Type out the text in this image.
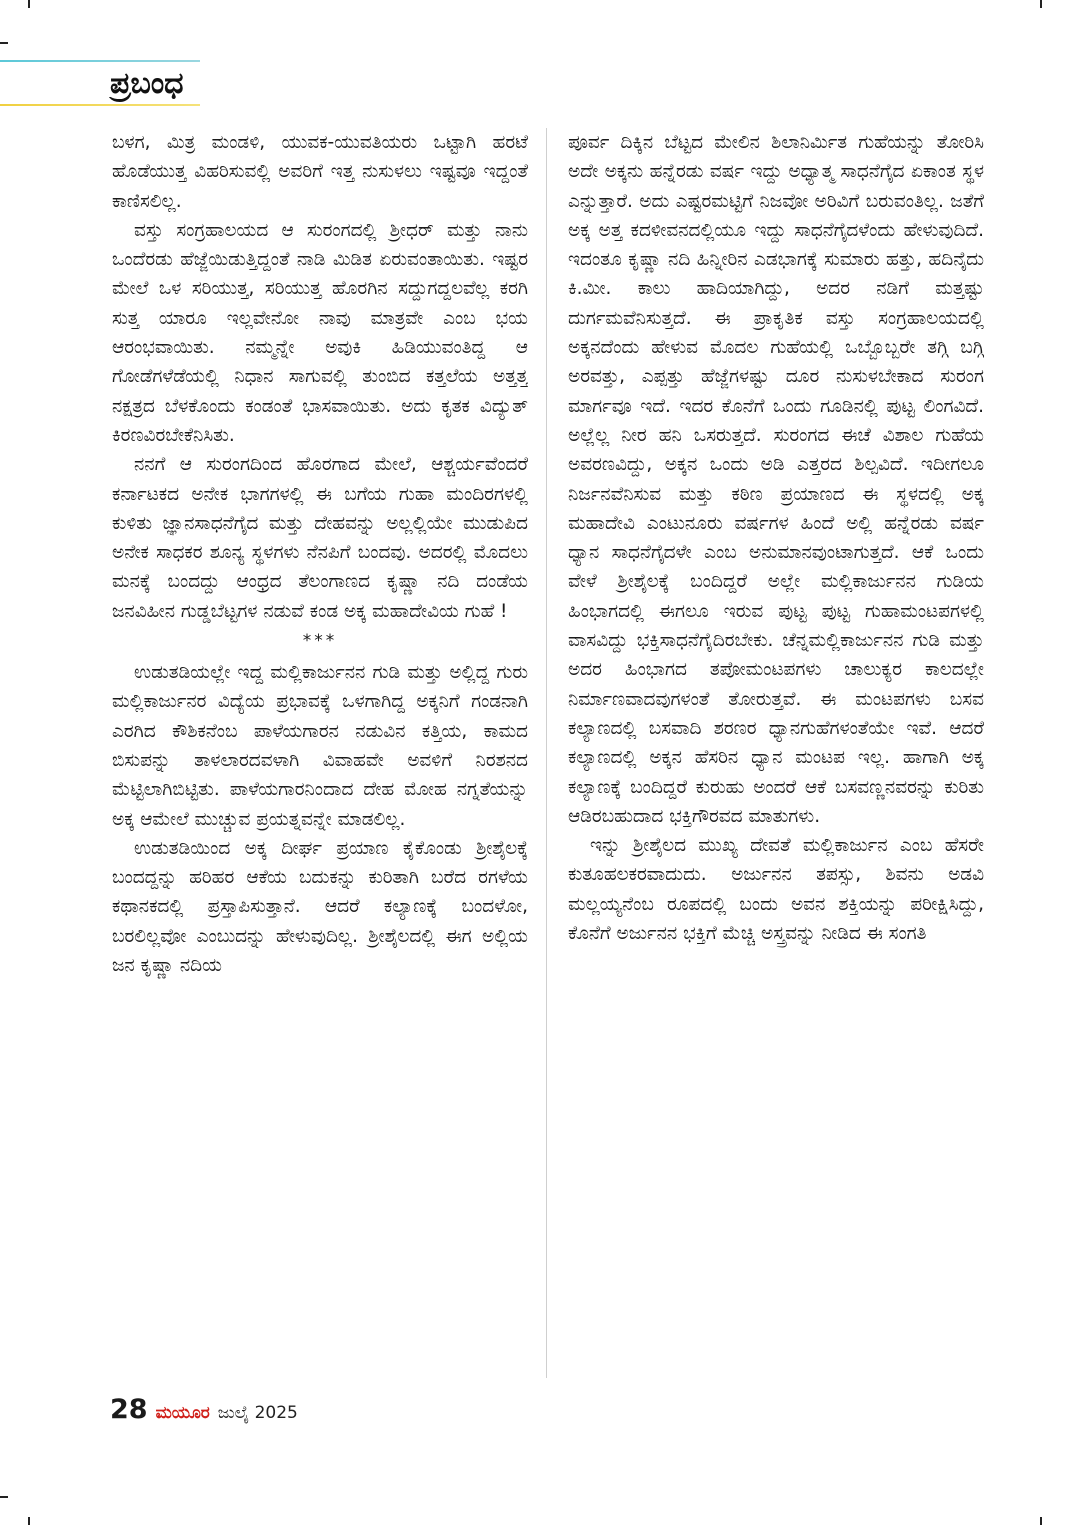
ಪ್ರಬಂಧ

ಬಳಗ, ಮಿತ್ರ ಮಂಡಳಿ, ಯುವಕ-ಯುವತಿಯರು ಒಟ್ಟಾಗಿ ಹರಟೆ ಹೊಡೆಯುತ್ತ ವಿಹರಿಸುವಲ್ಲಿ ಅವರಿಗೆ ಇತ್ತ ನುಸುಳಲು ಇಷ್ಟವೂ ಇದ್ದಂತೆ ಕಾಣಿಸಲಿಲ್ಲ.

ವಸ್ತು ಸಂಗ್ರಹಾಲಯದ ಆ ಸುರಂಗದಲ್ಲಿ ಶ್ರೀಧರ್ ಮತ್ತು ನಾನು ಒಂದೆರಡು ಹೆಜ್ಜೆಯಿಡುತ್ತಿದ್ದಂತೆ ನಾಡಿ ಮಿಡಿತ ಏರುವಂತಾಯಿತು. ಇಷ್ಟರ ಮೇಲೆ ಒಳ ಸರಿಯುತ್ತ, ಸರಿಯುತ್ತ ಹೊರಗಿನ ಸದ್ದುಗದ್ದಲವೆಲ್ಲ ಕರಗಿ ಸುತ್ತ ಯಾರೂ ಇಲ್ಲವೇನೋ ನಾವು ಮಾತ್ರವೇ ಎಂಬ ಭಯ ಆರಂಭವಾಯಿತು. ನಮ್ಮನ್ನೇ ಅವುಕಿ ಹಿಡಿಯುವಂತಿದ್ದ ಆ ಗೋಡೆಗಳೆಡೆಯಲ್ಲಿ ನಿಧಾನ ಸಾಗುವಲ್ಲಿ ತುಂಬಿದ ಕತ್ತಲೆಯ ಅತ್ತತ್ತ ನಕ್ಷತ್ರದ ಬೆಳಕೊಂದು ಕಂಡಂತೆ ಭಾಸವಾಯಿತು. ಅದು ಕೃತಕ ವಿದ್ಯುತ್ ಕಿರಣವಿರಬೇಕೆನಿಸಿತು.

ನನಗೆ ಆ ಸುರಂಗದಿಂದ ಹೊರಗಾದ ಮೇಲೆ, ಆಶ್ಚರ್ಯವೆಂದರೆ ಕರ್ನಾಟಕದ ಅನೇಕ ಭಾಗಗಳಲ್ಲಿ ಈ ಬಗೆಯ ಗುಹಾ ಮಂದಿರಗಳಲ್ಲಿ ಕುಳಿತು ಜ್ಞಾನಸಾಧನೆಗೈದ ಮತ್ತು ದೇಹವನ್ನು ಅಲ್ಲಲ್ಲಿಯೇ ಮುಡುಪಿದ ಅನೇಕ ಸಾಧಕರ ಶೂನ್ಯ ಸ್ಥಳಗಳು ನೆನಪಿಗೆ ಬಂದವು. ಅದರಲ್ಲಿ ಮೊದಲು ಮನಕ್ಕೆ ಬಂದದ್ದು ಆಂಧ್ರದ ತೆಲಂಗಾಣದ ಕೃಷ್ಣಾ ನದಿ ದಂಡೆಯ ಜನವಿಹೀನ ಗುಡ್ಡಬೆಟ್ಟಗಳ ನಡುವೆ ಕಂಡ ಅಕ್ಕ ಮಹಾದೇವಿಯ ಗುಹೆ !

***

ಉಡುತಡಿಯಲ್ಲೇ ಇದ್ದ ಮಲ್ಲಿಕಾರ್ಜುನನ ಗುಡಿ ಮತ್ತು ಅಲ್ಲಿದ್ದ ಗುರು ಮಲ್ಲಿಕಾರ್ಜುನರ ವಿದ್ಯೆಯ ಪ್ರಭಾವಕ್ಕೆ ಒಳಗಾಗಿದ್ದ ಅಕ್ಕನಿಗೆ ಗಂಡನಾಗಿ ಎರಗಿದ ಕೌಶಿಕನೆಂಬ ಪಾಳೆಯಗಾರನ ನಡುವಿನ ಕತ್ತಿಯ, ಕಾಮದ ಬಿಸುಪನ್ನು ತಾಳಲಾರದವಳಾಗಿ ವಿವಾಹವೇ ಅವಳಿಗೆ ನಿರಶನದ ಮೆಟ್ಟಿಲಾಗಿಬಿಟ್ಟಿತು. ಪಾಳೆಯಗಾರನಿಂದಾದ ದೇಹ ಮೋಹ ನಗ್ನತೆಯನ್ನು ಅಕ್ಕ ಆಮೇಲೆ ಮುಚ್ಚುವ ಪ್ರಯತ್ನವನ್ನೇ ಮಾಡಲಿಲ್ಲ.

ಉಡುತಡಿಯಿಂದ ಅಕ್ಕ ದೀರ್ಘ ಪ್ರಯಾಣ ಕೈಕೊಂಡು ಶ್ರೀಶೈಲಕ್ಕೆ ಬಂದದ್ದನ್ನು ಹರಿಹರ ಆಕೆಯ ಬದುಕನ್ನು ಕುರಿತಾಗಿ ಬರೆದ ರಗಳೆಯ ಕಥಾನಕದಲ್ಲಿ ಪ್ರಸ್ತಾಪಿಸುತ್ತಾನೆ. ಆದರೆ ಕಲ್ಯಾಣಕ್ಕೆ ಬಂದಳೋ, ಬರಲಿಲ್ಲವೋ ಎಂಬುದನ್ನು ಹೇಳುವುದಿಲ್ಲ. ಶ್ರೀಶೈಲದಲ್ಲಿ ಈಗ ಅಲ್ಲಿಯ ಜನ ಕೃಷ್ಣಾ ನದಿಯ

ಪೂರ್ವ ದಿಕ್ಕಿನ ಬೆಟ್ಟದ ಮೇಲಿನ ಶಿಲಾನಿರ್ಮಿತ ಗುಹೆಯನ್ನು ತೋರಿಸಿ ಅದೇ ಅಕ್ಕನು ಹನ್ನೆರಡು ವರ್ಷ ಇದ್ದು ಅಧ್ಯಾತ್ಮ ಸಾಧನೆಗೈದ ಏಕಾಂತ ಸ್ಥಳ ಎನ್ನುತ್ತಾರೆ. ಅದು ಎಷ್ಟರಮಟ್ಟಿಗೆ ನಿಜವೋ ಅರಿವಿಗೆ ಬರುವಂತಿಲ್ಲ. ಜತೆಗೆ ಅಕ್ಕ ಅತ್ತ ಕದಳೀವನದಲ್ಲಿಯೂ ಇದ್ದು ಸಾಧನೆಗೈದಳೆಂದು ಹೇಳುವುದಿದೆ. ಇದಂತೂ ಕೃಷ್ಣಾ ನದಿ ಹಿನ್ನೀರಿನ ಎಡಭಾಗಕ್ಕೆ ಸುಮಾರು ಹತ್ತು, ಹದಿನೈದು ಕಿ.ಮೀ. ಕಾಲು ಹಾದಿಯಾಗಿದ್ದು, ಅದರ ನಡಿಗೆ ಮತ್ತಷ್ಟು ದುರ್ಗಮವೆನಿಸುತ್ತದೆ. ಈ ಪ್ರಾಕೃತಿಕ ವಸ್ತು ಸಂಗ್ರಹಾಲಯದಲ್ಲಿ ಅಕ್ಕನದೆಂದು ಹೇಳುವ ಮೊದಲ ಗುಹೆಯಲ್ಲಿ ಒಬ್ಬೊಬ್ಬರೇ ತಗ್ಗಿ ಬಗ್ಗಿ ಅರವತ್ತು, ಎಪ್ಪತ್ತು ಹೆಜ್ಜೆಗಳಷ್ಟು ದೂರ ನುಸುಳಬೇಕಾದ ಸುರಂಗ ಮಾರ್ಗವೂ ಇದೆ. ಇದರ ಕೊನೆಗೆ ಒಂದು ಗೂಡಿನಲ್ಲಿ ಪುಟ್ಟ ಲಿಂಗವಿದೆ. ಅಲ್ಲೆಲ್ಲ ನೀರ ಹನಿ ಒಸರುತ್ತದೆ. ಸುರಂಗದ ಈಚೆ ವಿಶಾಲ ಗುಹೆಯ ಅವರಣವಿದ್ದು, ಅಕ್ಕನ ಒಂದು ಅಡಿ ಎತ್ತರದ ಶಿಲ್ಪವಿದೆ. ಇದೀಗಲೂ ನಿರ್ಜನವೆನಿಸುವ ಮತ್ತು ಕಠಿಣ ಪ್ರಯಾಣದ ಈ ಸ್ಥಳದಲ್ಲಿ ಅಕ್ಕ ಮಹಾದೇವಿ ಎಂಟುನೂರು ವರ್ಷಗಳ ಹಿಂದೆ ಅಲ್ಲಿ ಹನ್ನೆರಡು ವರ್ಷ ಧ್ಯಾನ ಸಾಧನೆಗೈದಳೇ ಎಂಬ ಅನುಮಾನವುಂಟಾಗುತ್ತದೆ. ಆಕೆ ಒಂದು ವೇಳೆ ಶ್ರೀಶೈಲಕ್ಕೆ ಬಂದಿದ್ದರೆ ಅಲ್ಲೇ ಮಲ್ಲಿಕಾರ್ಜುನನ ಗುಡಿಯ ಹಿಂಭಾಗದಲ್ಲಿ ಈಗಲೂ ಇರುವ ಪುಟ್ಟ ಪುಟ್ಟ ಗುಹಾಮಂಟಪಗಳಲ್ಲಿ ವಾಸವಿದ್ದು ಭಕ್ತಿಸಾಧನೆಗೈದಿರಬೇಕು. ಚೆನ್ನಮಲ್ಲಿಕಾರ್ಜುನನ ಗುಡಿ ಮತ್ತು ಅದರ ಹಿಂಭಾಗದ ತಪೋಮಂಟಪಗಳು ಚಾಲುಕ್ಯರ ಕಾಲದಲ್ಲೇ ನಿರ್ಮಾಣವಾದವುಗಳಂತೆ ತೋರುತ್ತವೆ. ಈ ಮಂಟಪಗಳು ಬಸವ ಕಲ್ಯಾಣದಲ್ಲಿ ಬಸವಾದಿ ಶರಣರ ಧ್ಯಾನಗುಹೆಗಳಂತೆಯೇ ಇವೆ. ಆದರೆ ಕಲ್ಯಾಣದಲ್ಲಿ ಅಕ್ಕನ ಹೆಸರಿನ ಧ್ಯಾನ ಮಂಟಪ ಇಲ್ಲ. ಹಾಗಾಗಿ ಅಕ್ಕ ಕಲ್ಯಾಣಕ್ಕೆ ಬಂದಿದ್ದರೆ ಕುರುಹು ಅಂದರೆ ಆಕೆ ಬಸವಣ್ಣನವರನ್ನು ಕುರಿತು ಆಡಿರಬಹುದಾದ ಭಕ್ತಿಗೌರವದ ಮಾತುಗಳು.

ಇನ್ನು ಶ್ರೀಶೈಲದ ಮುಖ್ಯ ದೇವತೆ ಮಲ್ಲಿಕಾರ್ಜುನ ಎಂಬ ಹೆಸರೇ ಕುತೂಹಲಕರವಾದುದು. ಅರ್ಜುನನ ತಪಸ್ಸು, ಶಿವನು ಅಡವಿ ಮಲ್ಲಯ್ಯನೆಂಬ ರೂಪದಲ್ಲಿ ಬಂದು ಅವನ ಶಕ್ತಿಯನ್ನು ಪರೀಕ್ಷಿಸಿದ್ದು, ಕೊನೆಗೆ ಅರ್ಜುನನ ಭಕ್ತಿಗೆ ಮೆಚ್ಚಿ ಅಸ್ತ್ರವನ್ನು ನೀಡಿದ ಈ ಸಂಗತಿ

28 ಮಯೂರ ಜುಲೈ 2025
